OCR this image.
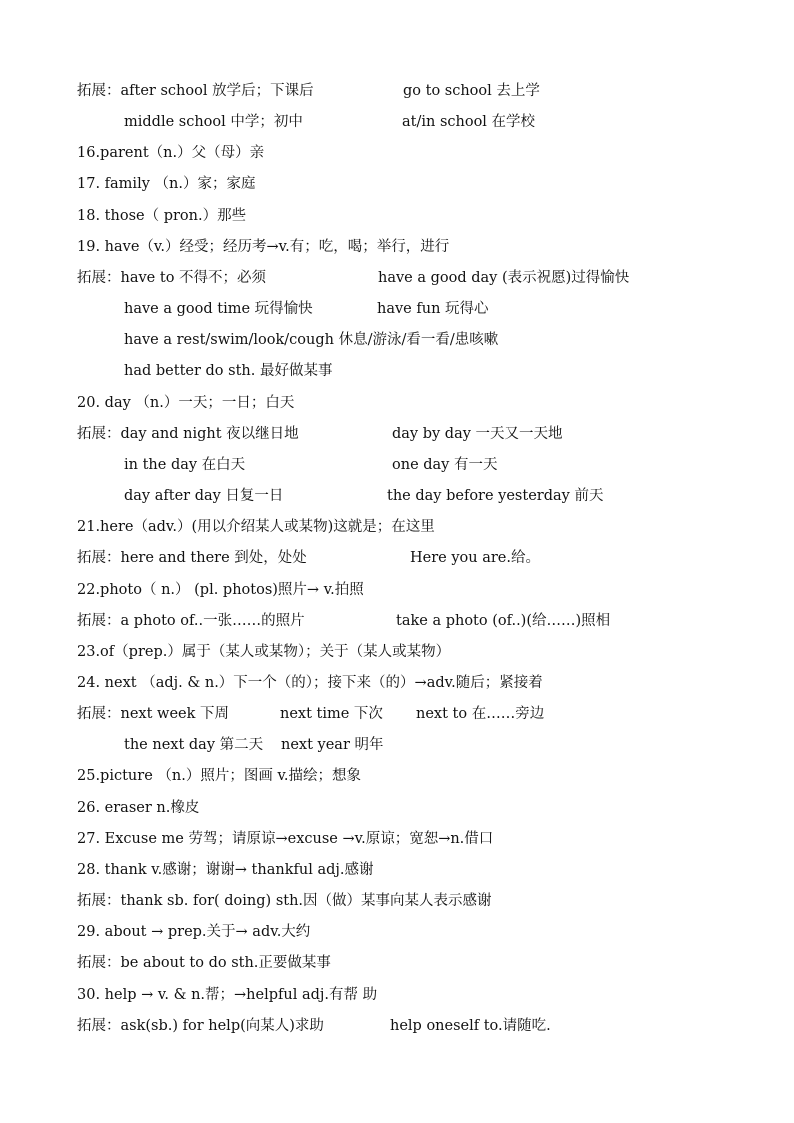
拓展：after school 放学后；下课后	go to school 去上学
middle school 中学；初中	at/in school 在学校
16.parent（n.）父（母）亲
17. family （n.）家；家庭
18. those（ pron.）那些
19. have（v.）经受；经历考→v.有；吃，喝；举行，进行
拓展：have to 不得不；必须	have a good day (表示祝愿)过得愉快
have a good time 玩得愉快	have fun 玩得心
have a rest/swim/look/cough 休息/游泳/看一看/患咳嗽
had better do sth. 最好做某事
20. day （n.）一天；一日；白天
拓展：day and night 夜以继日地	day by day 一天又一天地
in the day 在白天	one day 有一天
day after day 日复一日	the day before yesterday 前天
21.here（adv.）(用以介绍某人或某物)这就是；在这里
拓展：here and there 到处，处处	Here you are.给。
22.photo（ n.） (pl. photos)照片→ v.拍照
拓展：a photo of..一张……的照片	take a photo (of..)(给……)照相
23.of（prep.）属于（某人或某物）；关于（某人或某物）
24. next （adj. & n.）下一个（的）；接下来（的）→adv.随后；紧接着
拓展：next week 下周	next time 下次 next to 在……旁边
the next day 第二天 next year 明年
25.picture （n.）照片；图画 v.描绘；想象
26. eraser n.橡皮
27. Excuse me 劳驾；请原谅→excuse →v.原谅；宽恕→n.借口
28. thank v.感谢；谢谢→ thankful adj.感谢
拓展：thank sb. for( doing) sth.因（做）某事向某人表示感谢
29. about → prep.关于→ adv.大约
拓展：be about to do sth.正要做某事
30. help → v. & n.帮；→helpful adj.有帮 助
拓展：ask(sb.) for help(向某人)求助	help oneself to.请随吃.
